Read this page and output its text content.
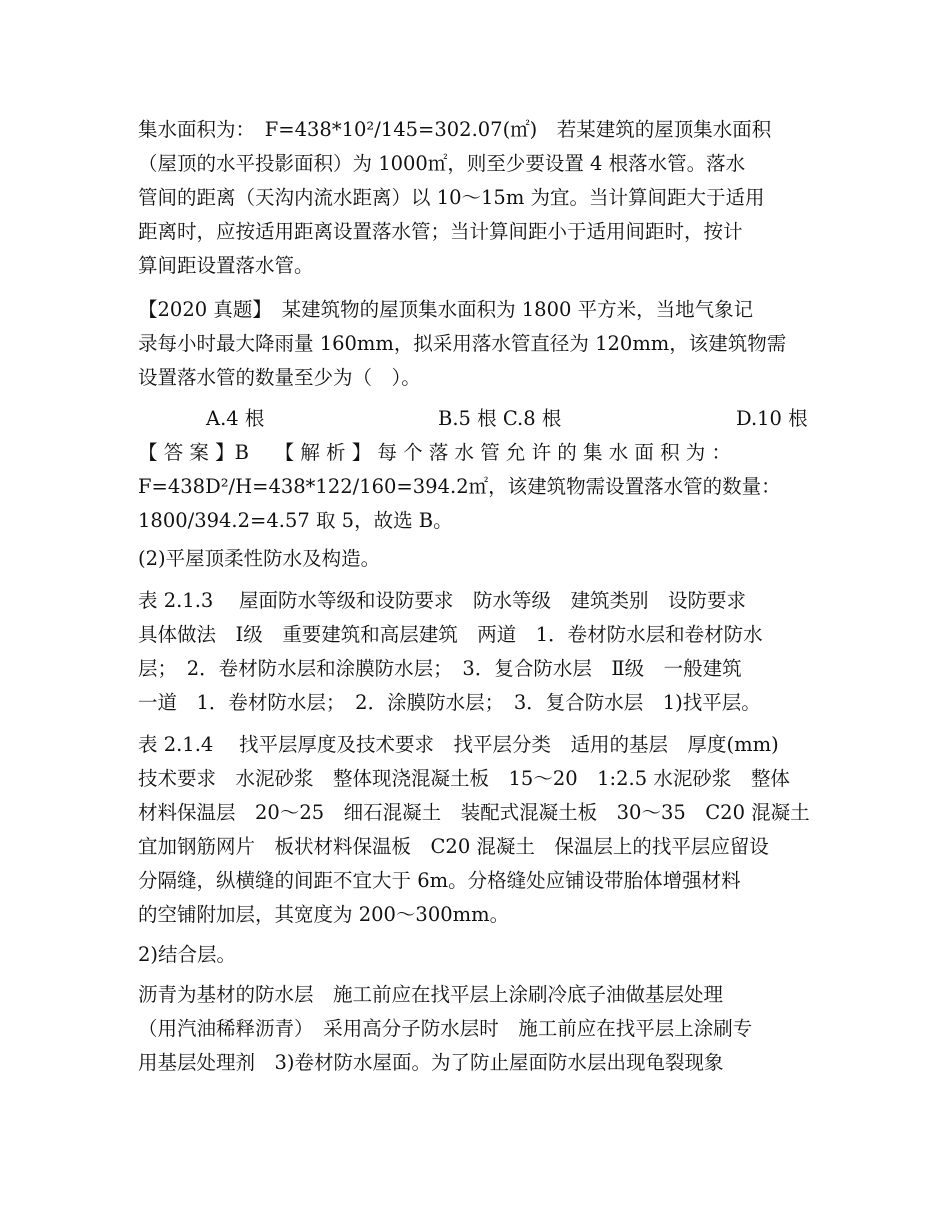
集水面积为：　F=438*10²/145=302.07(㎡)　若某建筑的屋顶集水面积
（屋顶的水平投影面积）为 1000㎡，则至少要设置 4 根落水管。落水
管间的距离（天沟内流水距离）以 10～15m 为宜。当计算间距大于适用
距离时，应按适用距离设置落水管；当计算间距小于适用间距时，按计
算间距设置落水管。
【2020 真题】　某建筑物的屋顶集水面积为 1800 平方米，当地气象记
录每小时最大降雨量 160mm，拟采用落水管直径为 120mm，该建筑物需
设置落水管的数量至少为（　）。
A.4 根	B.5 根 C.8 根	D.10 根
【 答 案 】B　 【 解 析 】 每 个 落 水 管 允 许 的 集 水 面 积 为 ：
F=438D²/H=438*122/160=394.2㎡，该建筑物需设置落水管的数量：
1800/394.2=4.57 取 5，故选 B。
(2)平屋顶柔性防水及构造。
表 2.1.3　 屋面防水等级和设防要求　防水等级　建筑类别　设防要求
具体做法　Ⅰ级　重要建筑和高层建筑　两道　1．卷材防水层和卷材防水
层；　2．卷材防水层和涂膜防水层；　3．复合防水层　Ⅱ级　一般建筑
一道　1．卷材防水层；　2．涂膜防水层；　3．复合防水层　1)找平层。
表 2.1.4　 找平层厚度及技术要求　找平层分类　适用的基层　厚度(mm)
技术要求　水泥砂浆　整体现浇混凝土板　15～20　1:2.5 水泥砂浆　整体
材料保温层　20～25　细石混凝土　装配式混凝土板　30～35　C20 混凝土
宜加钢筋网片　板状材料保温板　C20 混凝土　保温层上的找平层应留设
分隔缝，纵横缝的间距不宜大于 6m。分格缝处应铺设带胎体增强材料
的空铺附加层，其宽度为 200～300mm。
2)结合层。
沥青为基材的防水层　施工前应在找平层上涂刷冷底子油做基层处理
（用汽油稀释沥青）　采用高分子防水层时　施工前应在找平层上涂刷专
用基层处理剂　3)卷材防水屋面。为了防止屋面防水层出现龟裂现象
